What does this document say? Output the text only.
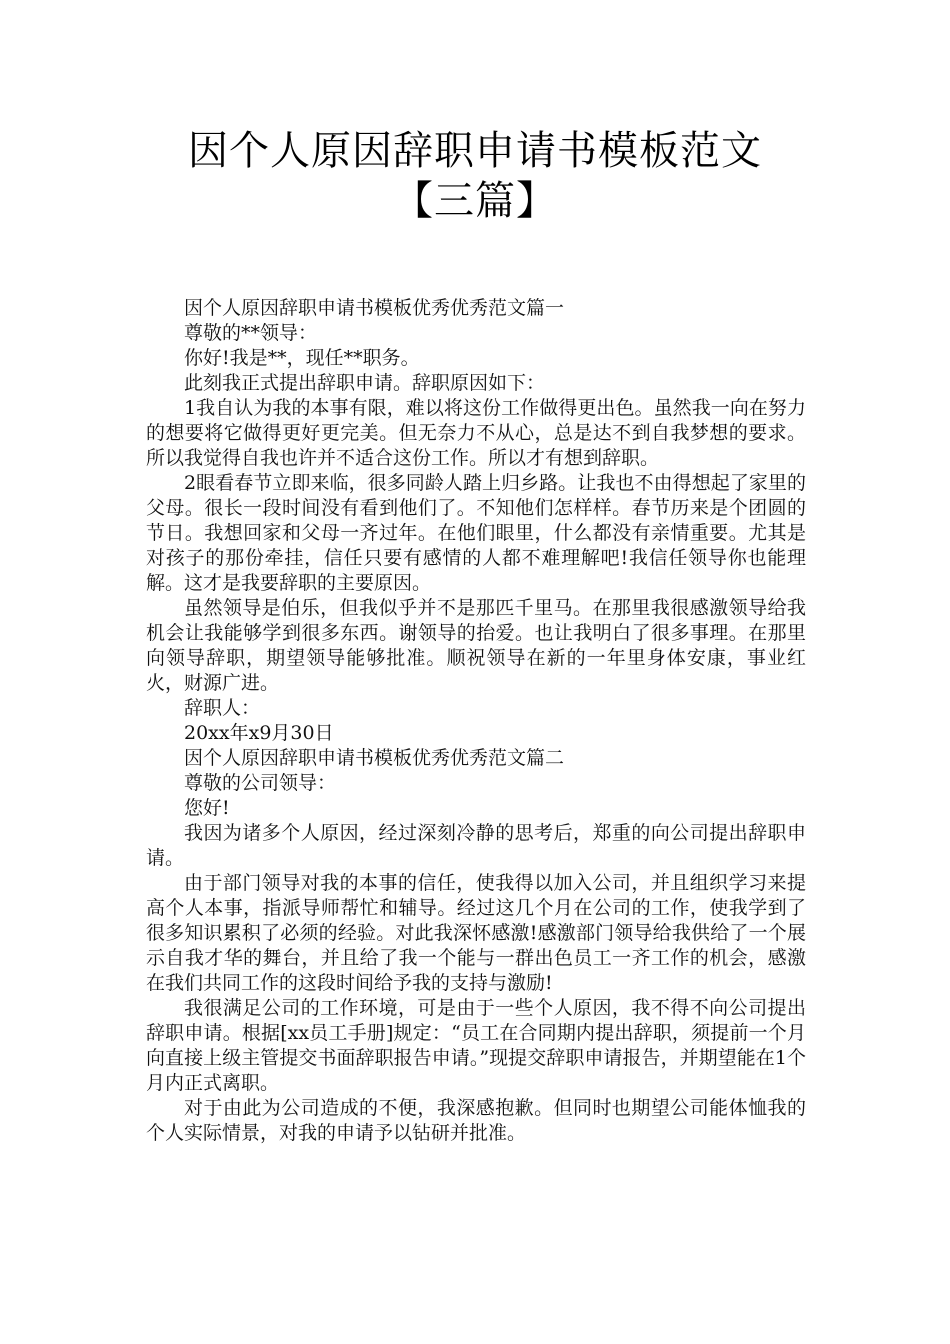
因个人原因辞职申请书模板范文【三篇】

因个人原因辞职申请书模板优秀优秀范文篇一

尊敬的**领导：

你好!我是**，现任**职务。

此刻我正式提出辞职申请。辞职原因如下：

1我自认为我的本事有限，难以将这份工作做得更出色。虽然我一向在努力的想要将它做得更好更完美。但无奈力不从心，总是达不到自我梦想的要求。所以我觉得自我也许并不适合这份工作。所以才有想到辞职。

2眼看春节立即来临，很多同龄人踏上归乡路。让我也不由得想起了家里的父母。很长一段时间没有看到他们了。不知他们怎样样。春节历来是个团圆的节日。我想回家和父母一齐过年。在他们眼里，什么都没有亲情重要。尤其是对孩子的那份牵挂，信任只要有感情的人都不难理解吧!我信任领导你也能理解。这才是我要辞职的主要原因。

虽然领导是伯乐，但我似乎并不是那匹千里马。在那里我很感激领导给我机会让我能够学到很多东西。谢领导的抬爱。也让我明白了很多事理。在那里向领导辞职，期望领导能够批准。顺祝领导在新的一年里身体安康，事业红火，财源广进。

辞职人：

20xx年x9月30日

因个人原因辞职申请书模板优秀优秀范文篇二

尊敬的公司领导：

您好!

我因为诸多个人原因，经过深刻冷静的思考后，郑重的向公司提出辞职申请。

由于部门领导对我的本事的信任，使我得以加入公司，并且组织学习来提高个人本事，指派导师帮忙和辅导。经过这几个月在公司的工作，使我学到了很多知识累积了必须的经验。对此我深怀感激!感激部门领导给我供给了一个展示自我才华的舞台，并且给了我一个能与一群出色员工一齐工作的机会，感激在我们共同工作的这段时间给予我的支持与激励!

我很满足公司的工作环境，可是由于一些个人原因，我不得不向公司提出辞职申请。根据[xx员工手册]规定：“员工在合同期内提出辞职，须提前一个月向直接上级主管提交书面辞职报告申请。”现提交辞职申请报告，并期望能在1个月内正式离职。

对于由此为公司造成的不便，我深感抱歉。但同时也期望公司能体恤我的个人实际情景，对我的申请予以钻研并批准。
